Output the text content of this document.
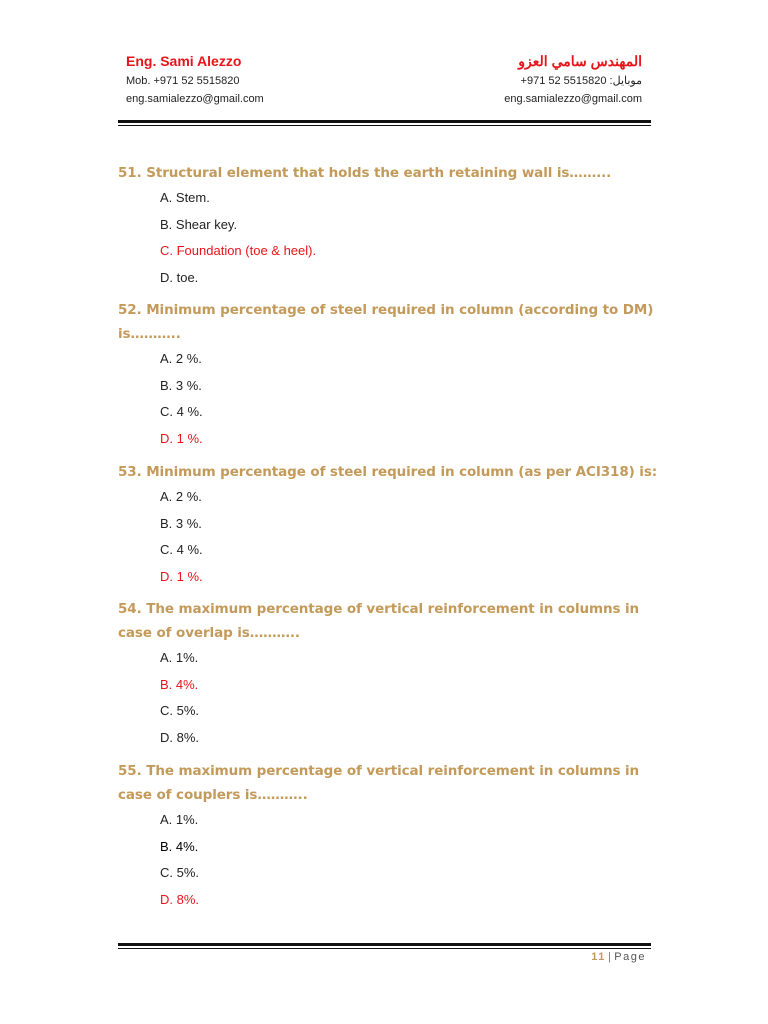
Eng. Sami Alezzo
Mob. +971 52 5515820
eng.samialezzo@gmail.com
المهندس سامي العزو
+971 52 5515820 :موبايل
eng.samialezzo@gmail.com
51. Structural element that holds the earth retaining wall is……...
A. Stem.
B. Shear key.
C. Foundation (toe & heel).
D. toe.
52. Minimum percentage of steel required in column (according to DM) is………..
A. 2 %.
B. 3 %.
C. 4 %.
D. 1 %.
53. Minimum percentage of steel required in column (as per ACI318) is:
A. 2 %.
B. 3 %.
C. 4 %.
D. 1 %.
54. The maximum percentage of vertical reinforcement in columns in case of overlap is………..
A. 1%.
B. 4%.
C. 5%.
D. 8%.
55. The maximum percentage of vertical reinforcement in columns in case of couplers is………..
A. 1%.
B. 4%.
C. 5%.
D. 8%.
11 | Page
